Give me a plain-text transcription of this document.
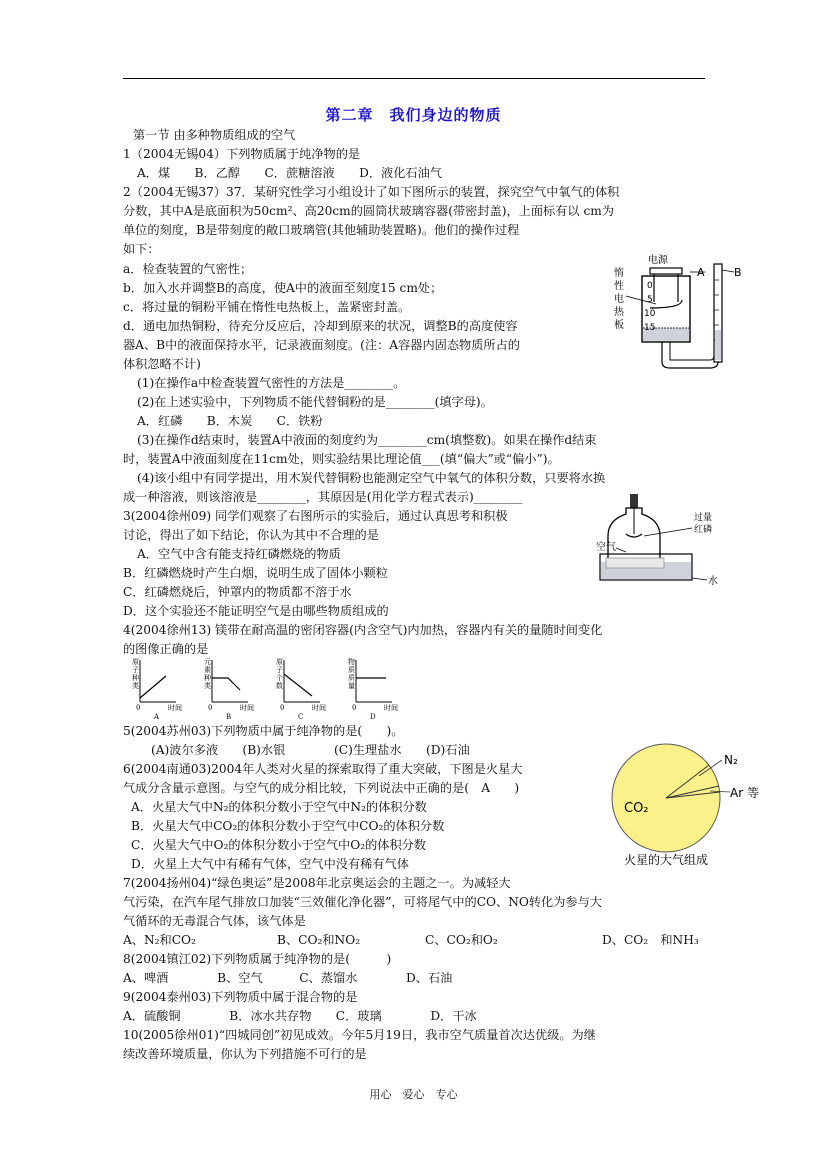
第二章　我们身边的物质
第一节 由多种物质组成的空气
1（2004无锡04）下列物质属于纯净物的是
A．煤　　B．乙醇　　C．蔗糖溶液　　D．液化石油气
2（2004无锡37）37．某研究性学习小组设计了如下图所示的装置，探究空气中氧气的体积
分数，其中A是底面积为50cm²、高20cm的圆筒状玻璃容器(带密封盖)，上面标有以 cm为
单位的刻度，B是带刻度的敞口玻璃管(其他辅助装置略)。他们的操作过程
如下：
a．检查装置的气密性；
b．加入水并调整B的高度，使A中的液面至刻度15 cm处；
c．将过量的铜粉平铺在惰性电热板上，盖紧密封盖。
d．通电加热铜粉，待充分反应后，冷却到原来的状况，调整B的高度使容
器A、B中的液面保持水平，记录液面刻度。(注：A容器内固态物质所占的
体积忽略不计)
(1)在操作a中检查装置气密性的方法是________。
(2)在上述实验中，下列物质不能代替铜粉的是________(填字母)。
A．红磷　　B．木炭　　C．铁粉
(3)在操作d结束时，装置A中液面的刻度约为________cm(填整数)。如果在操作d结束
时，装置A中液面刻度在11cm处，则实验结果比理论值___(填“偏大”或“偏小”)。
(4)该小组中有同学提出，用木炭代替铜粉也能测定空气中氧气的体积分数，只要将水换
成一种溶液，则该溶液是________，其原因是(用化学方程式表示)________
3(2004徐州09) 同学们观察了右图所示的实验后，通过认真思考和积极
讨论，得出了如下结论，你认为其中不合理的是
A．空气中含有能支持红磷燃烧的物质
B．红磷燃烧时产生白烟，说明生成了固体小颗粒
C．红磷燃烧后，钟罩内的物质都不溶于水
D．这个实验还不能证明空气是由哪些物质组成的
4(2004徐州13) 镁带在耐高温的密闭容器(内含空气)内加热，容器内有关的量随时间变化
的图像正确的是
5(2004苏州03)下列物质中属于纯净物的是(　　)。
(A)波尔多液　　(B)水银　　　　(C)生理盐水　　(D)石油
6(2004南通03)2004年人类对火星的探索取得了重大突破，下图是火星大
气成分含量示意图。与空气的成分相比较，下列说法中正确的是(　A　　)
A．火星大气中N₂的体积分数小于空气中N₂的体积分数
B．火星大气中CO₂的体积分数小于空气中CO₂的体积分数
C．火星大气中O₂的体积分数小于空气中O₂的体积分数
D．火星上大气中有稀有气体，空气中没有稀有气体
7(2004扬州04)“绿色奥运”是2008年北京奥运会的主题之一。为减轻大
气污染，在汽车尾气排放口加装“三效催化净化器”，可将尾气中的CO、NO转化为参与大
气循环的无毒混合气体，该气体是
A、N₂和CO₂	B、CO₂和NO₂	C、CO₂和O₂	D、CO₂　和NH₃
8(2004镇江02)下列物质属于纯净物的是(　　　)
A、啤酒　　　　B、空气　　　C、蒸馏水　　　　D、石油
9(2004泰州03)下列物质中属于混合物的是
A．硫酸铜　　　　B．冰水共存物　　C．玻璃　　　　D．干冰
10(2005徐州01)“四城同创”初见成效。今年5月19日，我市空气质量首次达优级。为继
续改善环境质量，你认为下列措施不可行的是
电源
0
5
10
15
惰
性
电
热
板
A	B
空气
过量
红磷
水
原
子
种
类
0	时间
A
元
素
种
类
0	时间
B
原
子
个
数
0	时间
C
物
质
质
量
0	时间
D
N₂
Ar 等
CO₂
火星的大气组成
用心　爱心　专心
